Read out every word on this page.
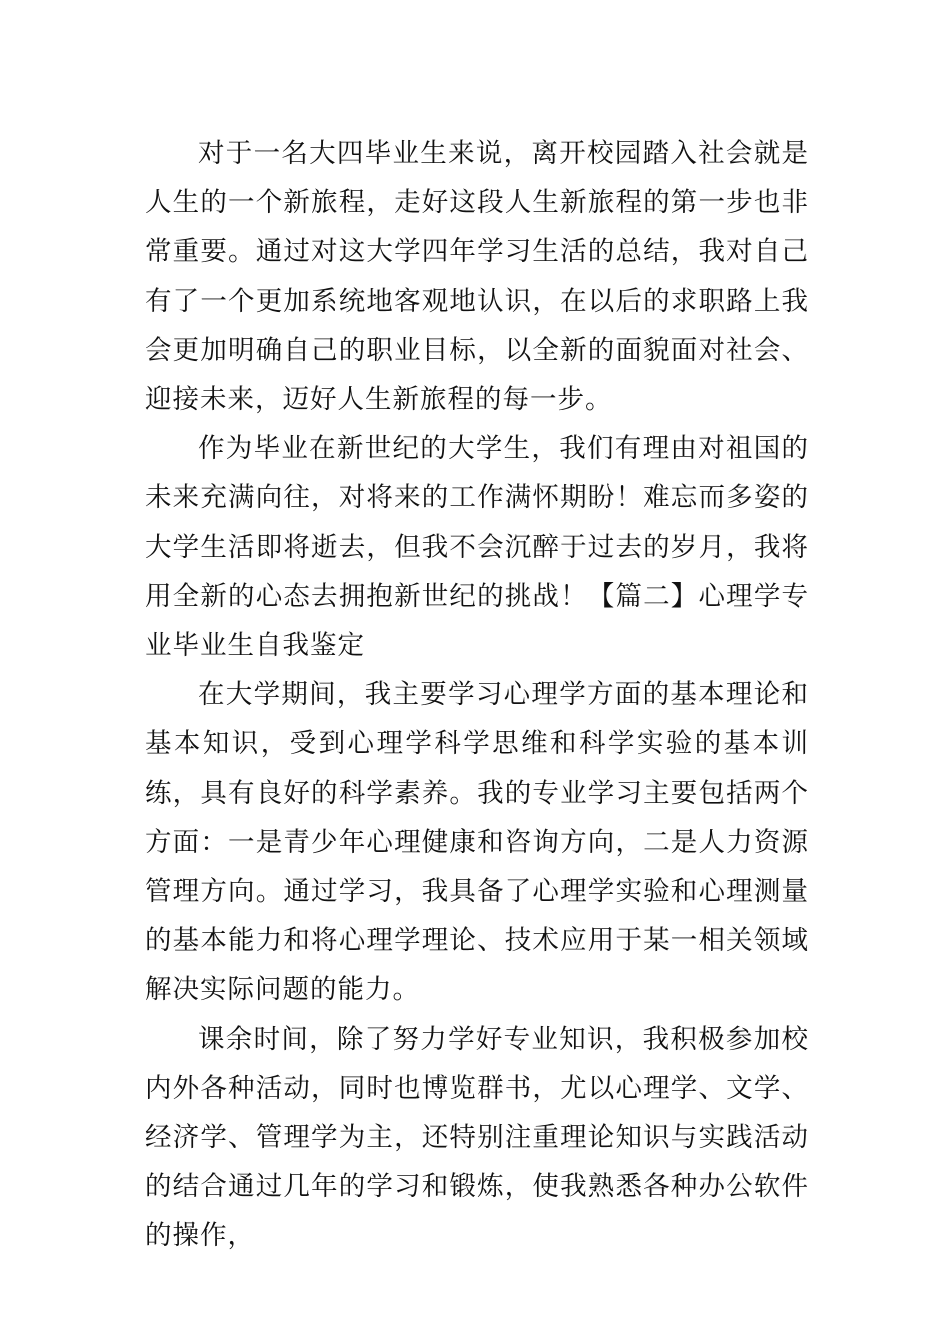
对于一名大四毕业生来说，离开校园踏入社会就是人生的一个新旅程，走好这段人生新旅程的第一步也非常重要。通过对这大学四年学习生活的总结，我对自己有了一个更加系统地客观地认识，在以后的求职路上我会更加明确自己的职业目标，以全新的面貌面对社会、迎接未来，迈好人生新旅程的每一步。

作为毕业在新世纪的大学生，我们有理由对祖国的未来充满向往，对将来的工作满怀期盼！难忘而多姿的大学生活即将逝去，但我不会沉醉于过去的岁月，我将用全新的心态去拥抱新世纪的挑战！【篇二】心理学专业毕业生自我鉴定

在大学期间，我主要学习心理学方面的基本理论和基本知识，受到心理学科学思维和科学实验的基本训练，具有良好的科学素养。我的专业学习主要包括两个方面：一是青少年心理健康和咨询方向，二是人力资源管理方向。通过学习，我具备了心理学实验和心理测量的基本能力和将心理学理论、技术应用于某一相关领域解决实际问题的能力。

课余时间，除了努力学好专业知识，我积极参加校内外各种活动，同时也博览群书，尤以心理学、文学、经济学、管理学为主，还特别注重理论知识与实践活动的结合通过几年的学习和锻炼，使我熟悉各种办公软件的操作，
